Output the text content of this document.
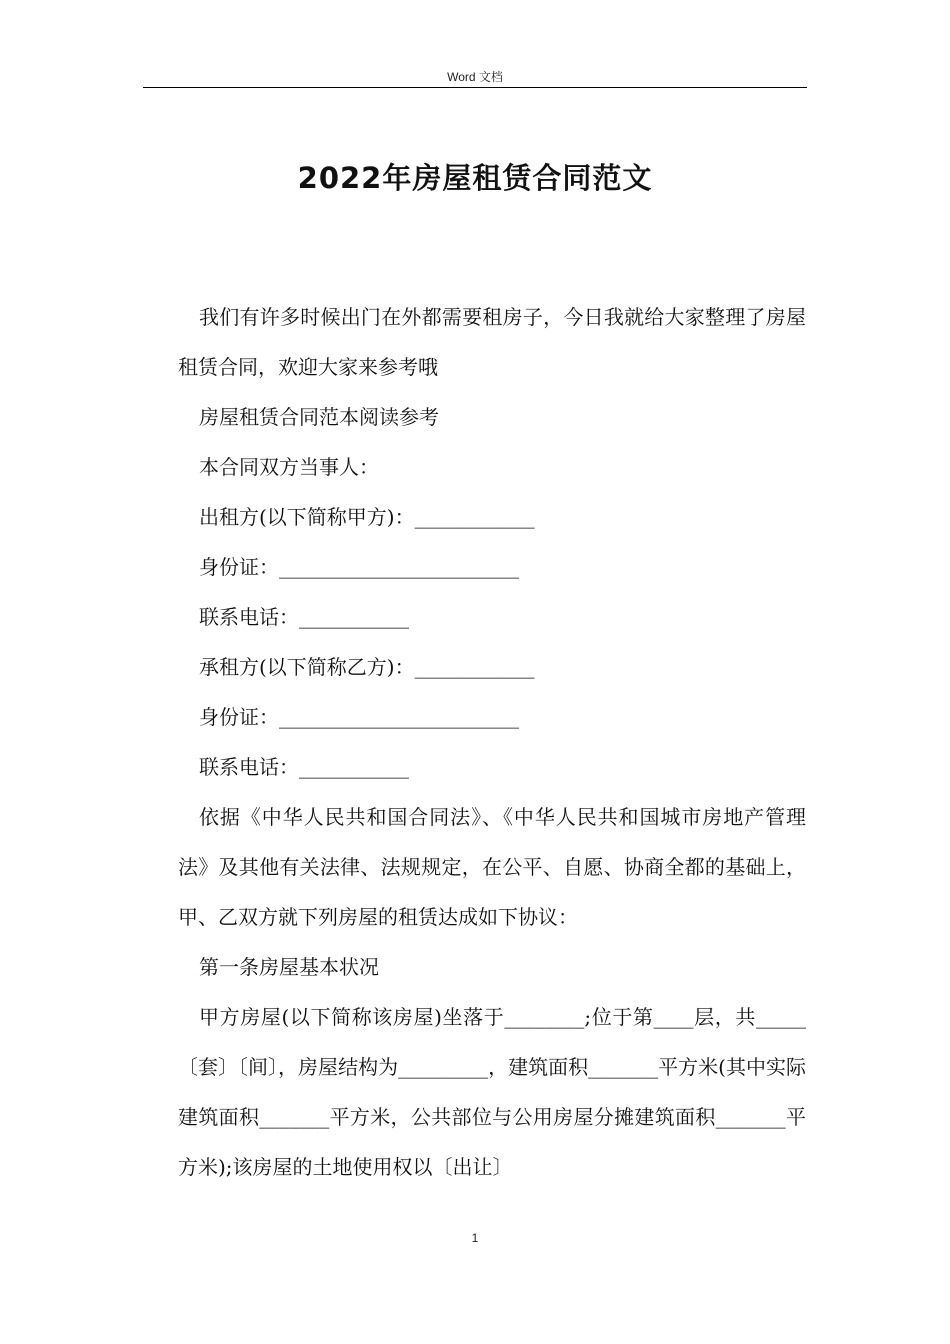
Word 文档
2022年房屋租赁合同范文

我们有许多时候出门在外都需要租房子，今日我就给大家整理了房屋租赁合同，欢迎大家来参考哦

房屋租赁合同范本阅读参考

本合同双方当事人：

出租方(以下简称甲方)：____________

身份证：________________________

联系电话：___________

承租方(以下简称乙方)：____________

身份证：________________________

联系电话：___________

依据《中华人民共和国合同法》、《中华人民共和国城市房地产管理法》及其他有关法律、法规规定，在公平、自愿、协商全都的基础上，甲、乙双方就下列房屋的租赁达成如下协议：

第一条房屋基本状况

甲方房屋(以下简称该房屋)坐落于________;位于第____层，共_____〔套〕〔间〕，房屋结构为_________，建筑面积_______平方米(其中实际建筑面积_______平方米，公共部位与公用房屋分摊建筑面积_______平方米);该房屋的土地使用权以〔出让〕

1
